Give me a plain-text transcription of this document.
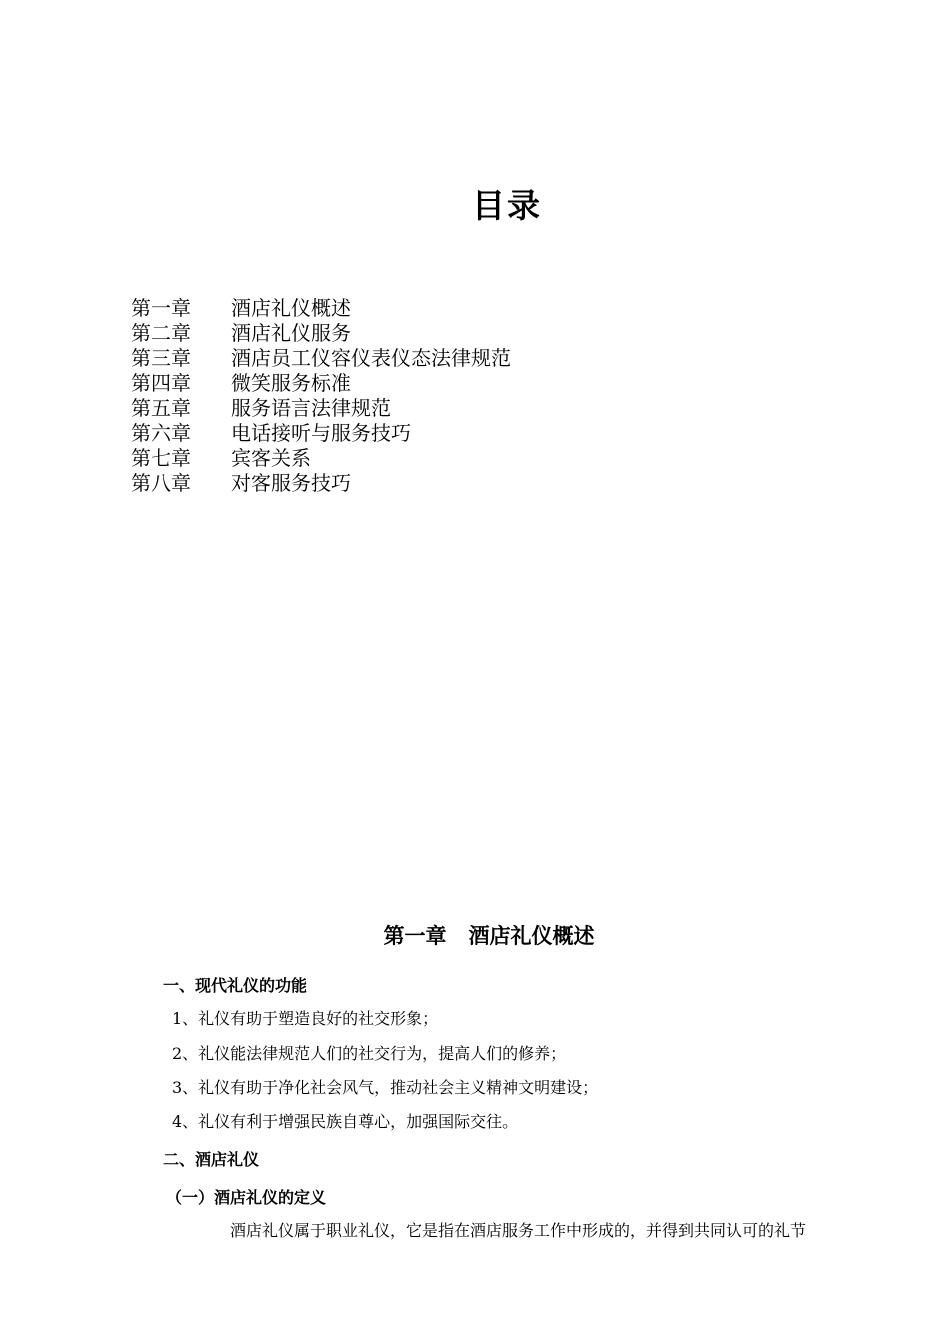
目录
第一章 酒店礼仪概述
第二章 酒店礼仪服务
第三章 酒店员工仪容仪表仪态法律规范
第四章 微笑服务标准
第五章 服务语言法律规范
第六章 电话接听与服务技巧
第七章 宾客关系
第八章 对客服务技巧
第一章 酒店礼仪概述
一、现代礼仪的功能
1、礼仪有助于塑造良好的社交形象；
2、礼仪能法律规范人们的社交行为，提高人们的修养；
3、礼仪有助于净化社会风气，推动社会主义精神文明建设；
4、礼仪有利于增强民族自尊心，加强国际交往。
二、酒店礼仪
（一）酒店礼仪的定义
酒店礼仪属于职业礼仪，它是指在酒店服务工作中形成的，并得到共同认可的礼节
